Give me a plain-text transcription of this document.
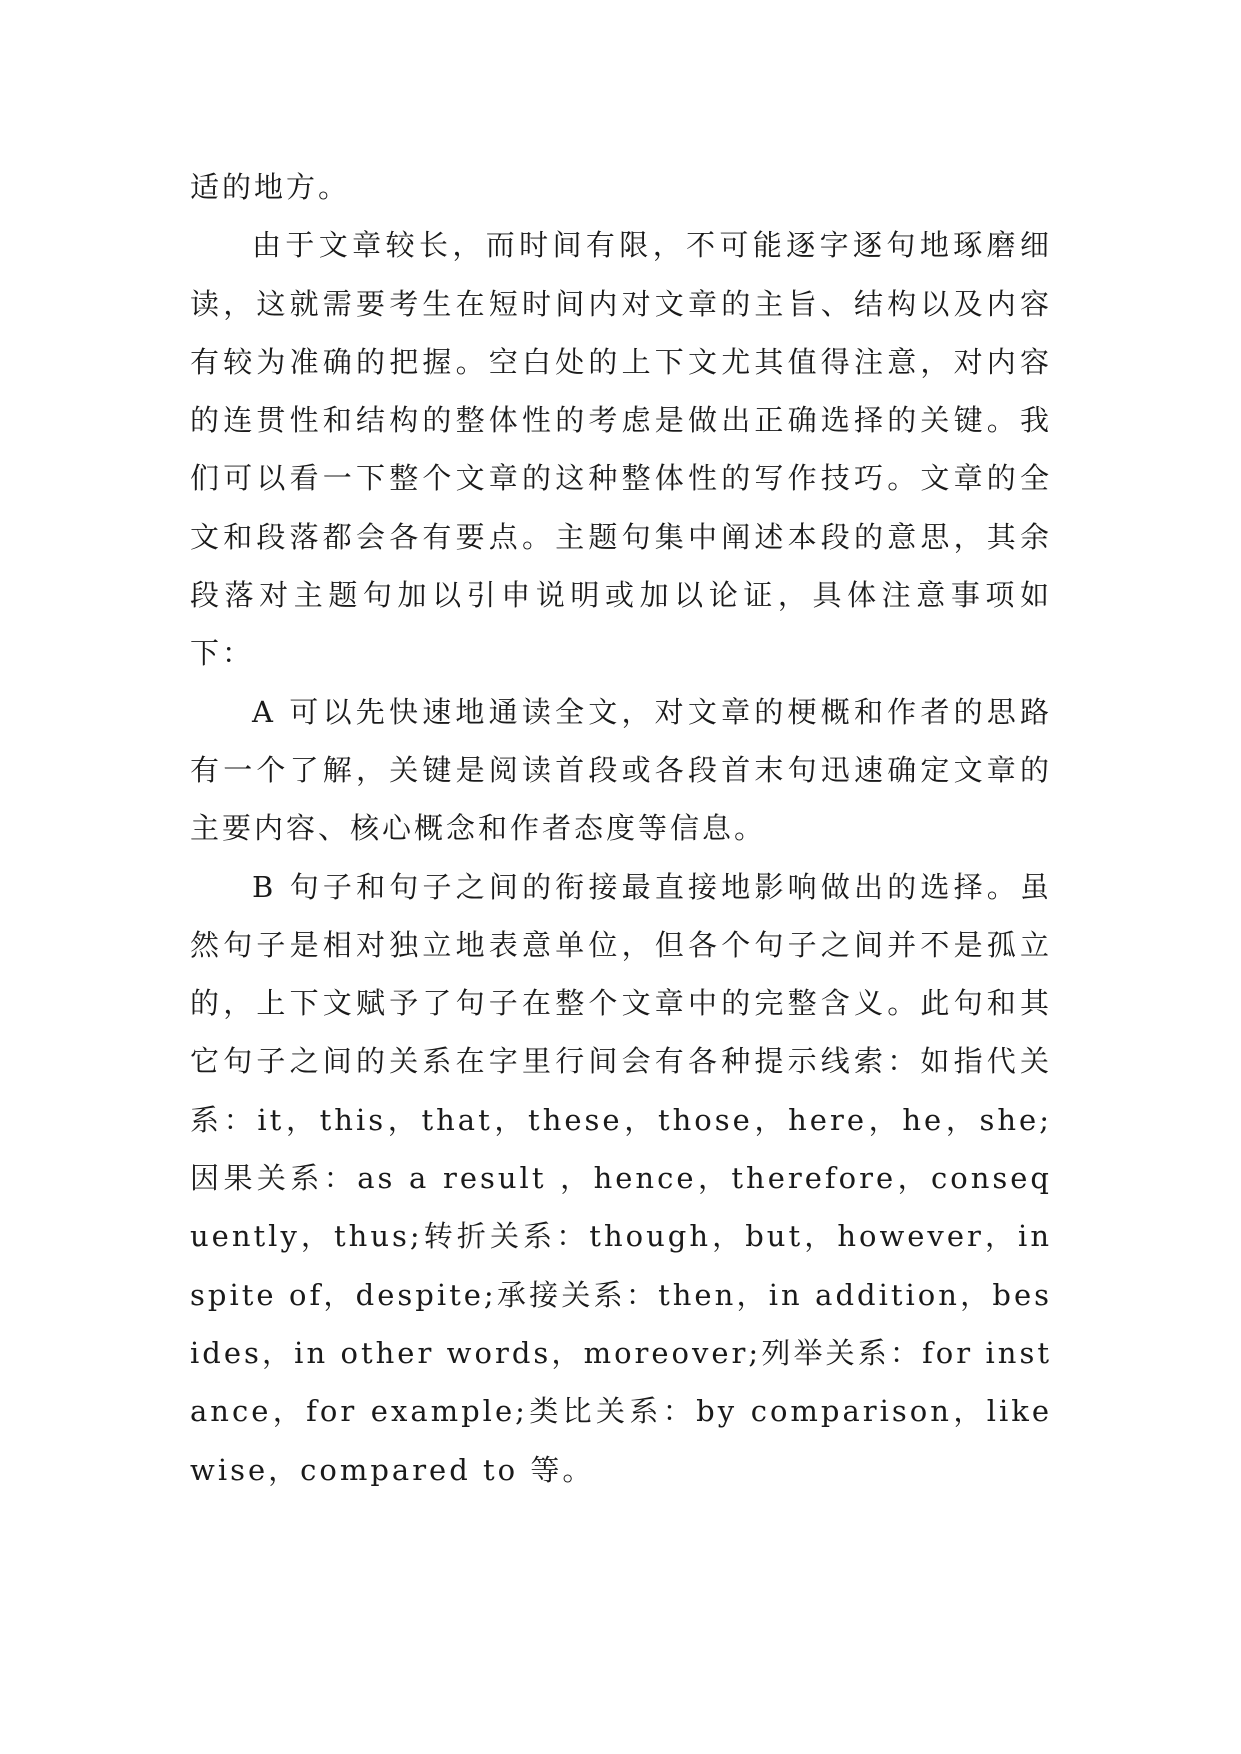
适的地方。

由于文章较长，而时间有限，不可能逐字逐句地琢磨细读，这就需要考生在短时间内对文章的主旨、结构以及内容有较为准确的把握。空白处的上下文尤其值得注意，对内容的连贯性和结构的整体性的考虑是做出正确选择的关键。我们可以看一下整个文章的这种整体性的写作技巧。文章的全文和段落都会各有要点。主题句集中阐述本段的意思，其余段落对主题句加以引申说明或加以论证，具体注意事项如下：

A 可以先快速地通读全文，对文章的梗概和作者的思路有一个了解，关键是阅读首段或各段首末句迅速确定文章的主要内容、核心概念和作者态度等信息。

B 句子和句子之间的衔接最直接地影响做出的选择。虽然句子是相对独立地表意单位，但各个句子之间并不是孤立的，上下文赋予了句子在整个文章中的完整含义。此句和其它句子之间的关系在字里行间会有各种提示线索：如指代关系：it，this，that，these，those，here，he，she;因果关系：as a result ，hence，therefore，consequently，thus;转折关系：though，but，however，in spite of，despite;承接关系：then，in addition，besides，in other words，moreover;列举关系：for instance，for example;类比关系：by comparison，likewise，compared to 等。
